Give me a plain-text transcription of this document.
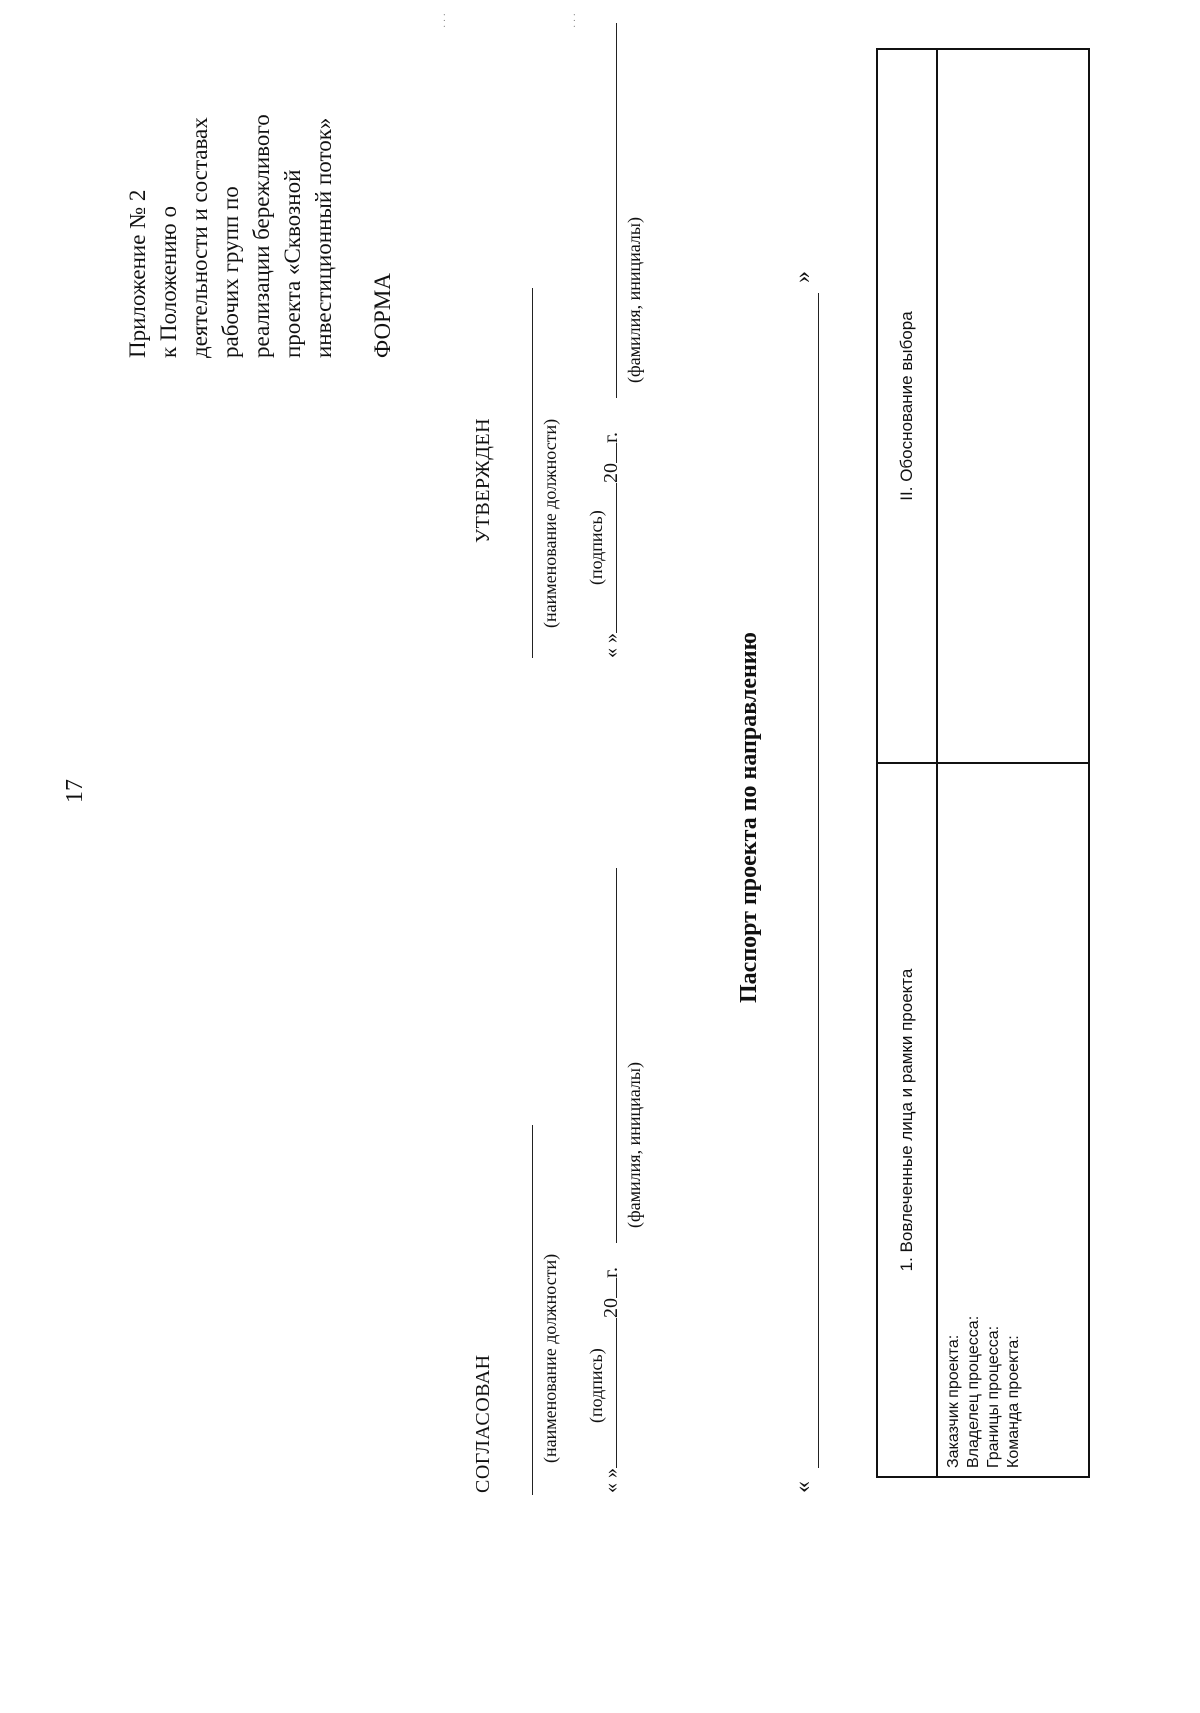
17
Приложение № 2 к Положению о деятельности и составах рабочих групп по реализации бережливого проекта «Сквозной инвестиционный поток» ФОРМА
· · ·	· · ·
СОГЛАСОВАН	(наименование должности)
« »20г.
(подпись)
(фамилия, инициалы)
УТВЕРЖДЕН	(наименование должности)
« »20г.
(подпись)
(фамилия, инициалы)
Паспорт проекта по направлению
«
»
1. Вовлеченные лица и рамки проекта	II. Обоснование выбора

Заказчик проекта: Владелец процесса: Границы процесса: Команда проекта:	
